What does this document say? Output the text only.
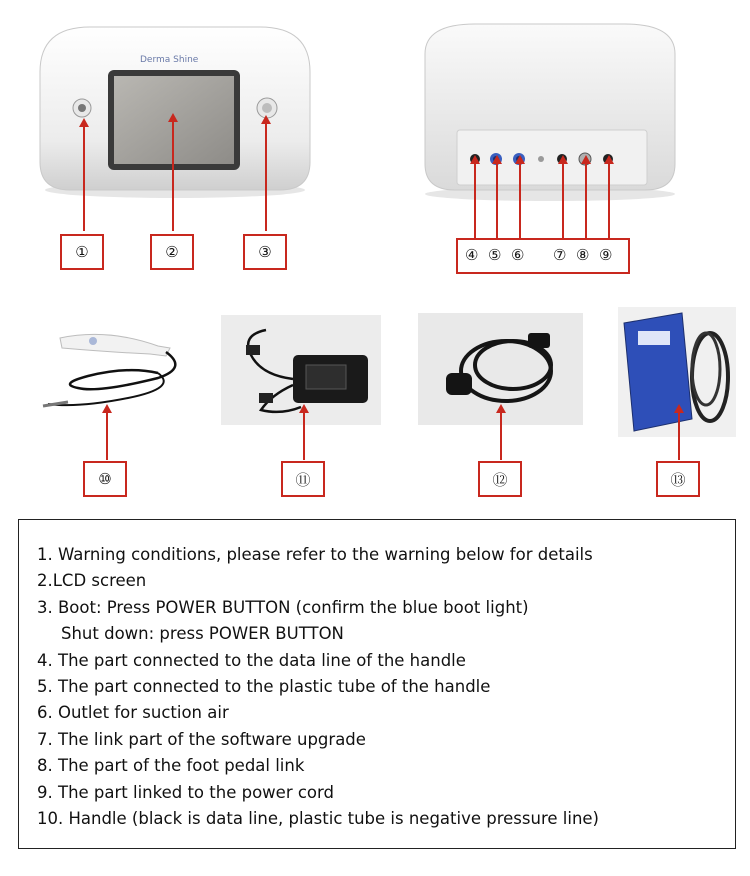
Derma Shine
①	②	③	④ ⑤ ⑥ ⑦ ⑧ ⑨
⑩	⑪	⑫	⑬
1. Warning conditions, please refer to the warning below for details
2.LCD screen
3. Boot: Press POWER BUTTON (confirm the blue boot light)
Shut down: press POWER BUTTON
4. The part connected to the data line of the handle
5. The part connected to the plastic tube of the handle
6. Outlet for suction air
7. The link part of the software upgrade
8. The part of the foot pedal link
9. The part linked to the power cord
10. Handle (black is data line, plastic tube is negative pressure line)
